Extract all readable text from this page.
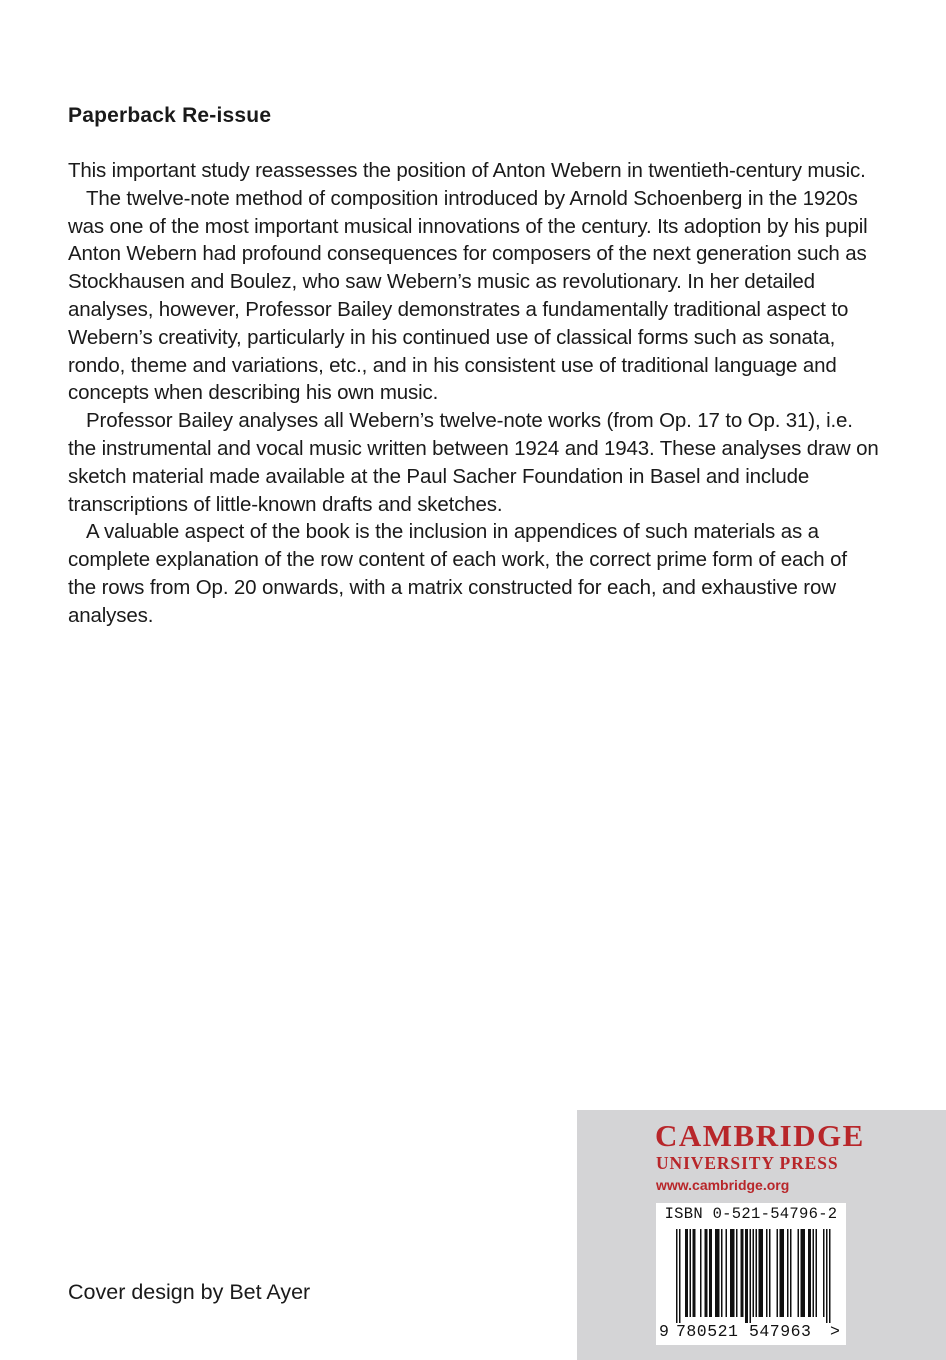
Paperback Re-issue

This important study reassesses the position of Anton Webern in twentieth-century music.

The twelve-note method of composition introduced by Arnold Schoenberg in the 1920s was one of the most important musical innovations of the century. Its adoption by his pupil Anton Webern had profound consequences for composers of the next generation such as Stockhausen and Boulez, who saw Webern’s music as revolutionary. In her detailed analyses, however, Professor Bailey demonstrates a fundamentally traditional aspect to Webern’s creativity, particularly in his continued use of classical forms such as sonata, rondo, theme and variations, etc., and in his consistent use of traditional language and concepts when describing his own music.

Professor Bailey analyses all Webern’s twelve-note works (from Op. 17 to Op. 31), i.e. the instrumental and vocal music written between 1924 and 1943. These analyses draw on sketch material made available at the Paul Sacher Foundation in Basel and include transcriptions of little-known drafts and sketches.

A valuable aspect of the book is the inclusion in appendices of such materials as a complete explanation of the row content of each work, the correct prime form of each of the rows from Op. 20 onwards, with a matrix constructed for each, and exhaustive row analyses.

Cover design by Bet Ayer
CAMBRIDGE
UNIVERSITY PRESS
www.cambridge.org
ISBN 0-521-54796-2
9 780521 547963 >
